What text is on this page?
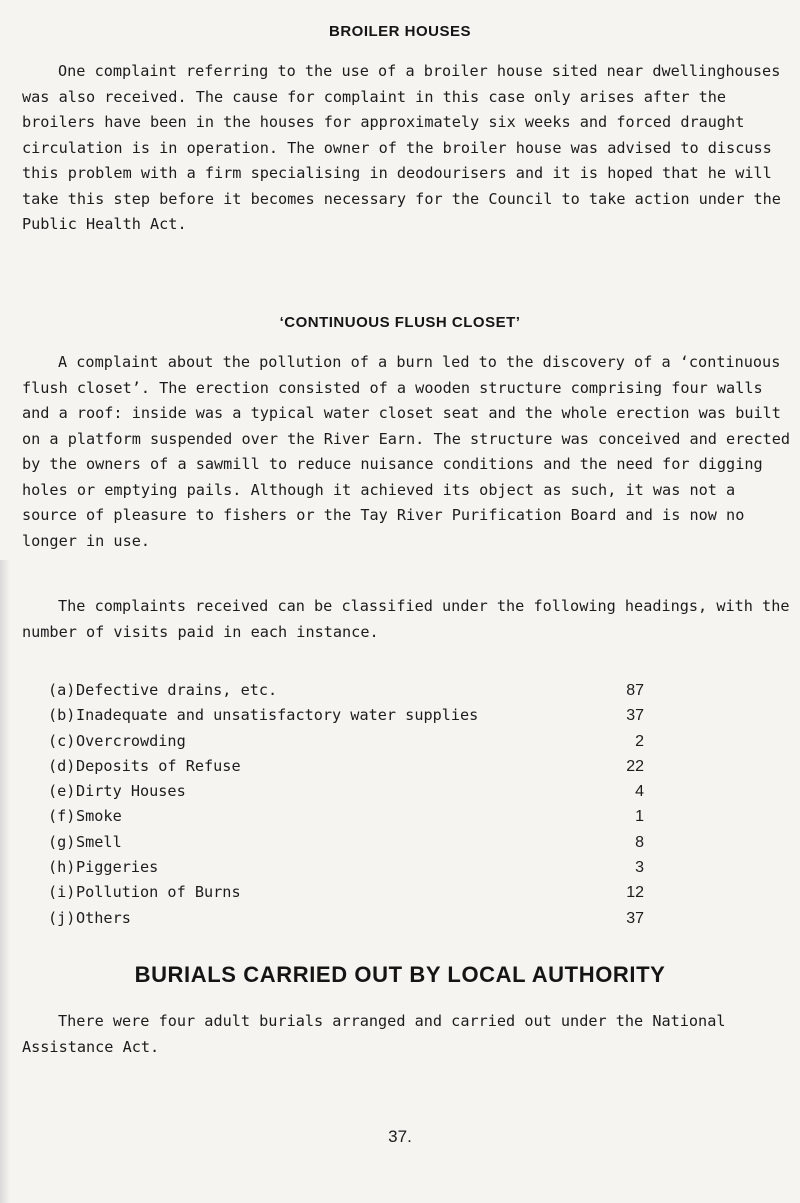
BROILER HOUSES

One complaint referring to the use of a broiler house sited near dwellinghouses was also received. The cause for complaint in this case only arises after the broilers have been in the houses for approximately six weeks and forced draught circulation is in operation. The owner of the broiler house was advised to discuss this problem with a firm specialising in deodourisers and it is hoped that he will take this step before it becomes necessary for the Council to take action under the Public Health Act.

‘CONTINUOUS FLUSH CLOSET’

A complaint about the pollution of a burn led to the discovery of a ‘continuous flush closet’. The erection consisted of a wooden structure comprising four walls and a roof: inside was a typical water closet seat and the whole erection was built on a platform suspended over the River Earn. The structure was conceived and erected by the owners of a sawmill to reduce nuisance conditions and the need for digging holes or emptying pails. Although it achieved its object as such, it was not a source of pleasure to fishers or the Tay River Purification Board and is now no longer in use.

The complaints received can be classified under the following headings, with the number of visits paid in each instance.

(a) Defective drains, etc.	87
(b) Inadequate and unsatisfactory water supplies	37
(c) Overcrowding	2
(d) Deposits of Refuse	22
(e) Dirty Houses	4
(f) Smoke	1
(g) Smell	8
(h) Piggeries	3
(i) Pollution of Burns	12
(j) Others	37
BURIALS CARRIED OUT BY LOCAL AUTHORITY

There were four adult burials arranged and carried out under the National Assistance Act.

37.
